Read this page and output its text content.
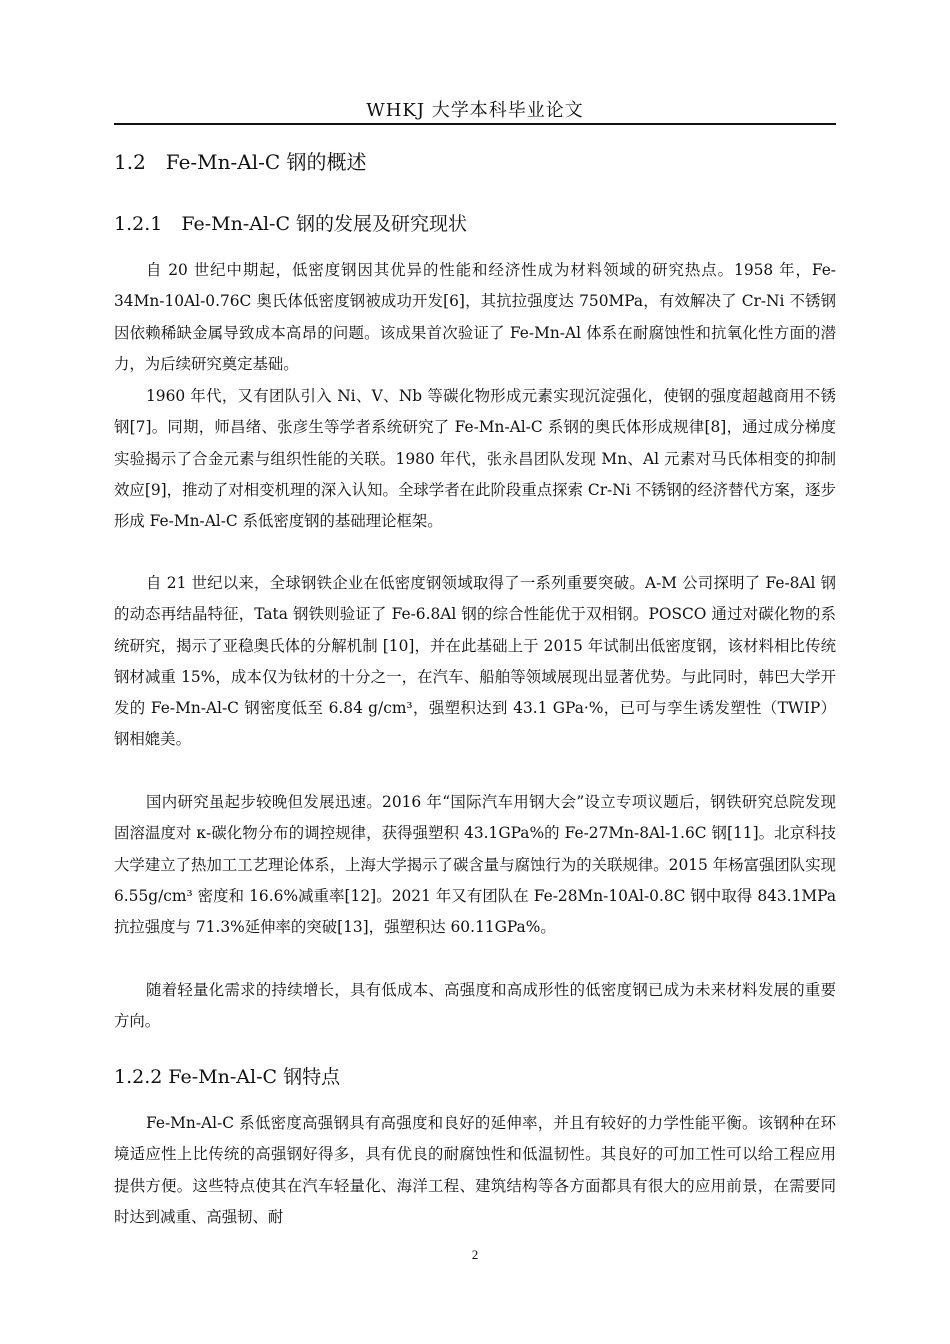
WHKJ 大学本科毕业论文
1.2　Fe-Mn-Al-C 钢的概述
1.2.1　Fe-Mn-Al-C 钢的发展及研究现状

自 20 世纪中期起，低密度钢因其优异的性能和经济性成为材料领域的研究热点。1958 年，Fe-34Mn-10Al-0.76C 奥氏体低密度钢被成功开发[6]，其抗拉强度达 750MPa，有效解决了 Cr-Ni 不锈钢因依赖稀缺金属导致成本高昂的问题。该成果首次验证了 Fe-Mn-Al 体系在耐腐蚀性和抗氧化性方面的潜力，为后续研究奠定基础。

1960 年代，又有团队引入 Ni、V、Nb 等碳化物形成元素实现沉淀强化，使钢的强度超越商用不锈钢[7]。同期，师昌绪、张彦生等学者系统研究了 Fe-Mn-Al-C 系钢的奥氏体形成规律[8]，通过成分梯度实验揭示了合金元素与组织性能的关联。1980 年代，张永昌团队发现 Mn、Al 元素对马氏体相变的抑制效应[9]，推动了对相变机理的深入认知。全球学者在此阶段重点探索 Cr-Ni 不锈钢的经济替代方案，逐步形成 Fe-Mn-Al-C 系低密度钢的基础理论框架。

自 21 世纪以来，全球钢铁企业在低密度钢领域取得了一系列重要突破。A-M 公司探明了 Fe-8Al 钢的动态再结晶特征，Tata 钢铁则验证了 Fe-6.8Al 钢的综合性能优于双相钢。POSCO 通过对碳化物的系统研究，揭示了亚稳奥氏体的分解机制 [10]，并在此基础上于 2015 年试制出低密度钢，该材料相比传统钢材减重 15%，成本仅为钛材的十分之一，在汽车、船舶等领域展现出显著优势。与此同时，韩巴大学开发的 Fe-Mn-Al-C 钢密度低至 6.84 g/cm³，强塑积达到 43.1 GPa·%，已可与孪生诱发塑性（TWIP）钢相媲美。

国内研究虽起步较晚但发展迅速。2016 年“国际汽车用钢大会”设立专项议题后，钢铁研究总院发现固溶温度对 κ-碳化物分布的调控规律，获得强塑积 43.1GPa%的 Fe-27Mn-8Al-1.6C 钢[11]。北京科技大学建立了热加工工艺理论体系，上海大学揭示了碳含量与腐蚀行为的关联规律。2015 年杨富强团队实现 6.55g/cm³ 密度和 16.6%减重率[12]。2021 年又有团队在 Fe-28Mn-10Al-0.8C 钢中取得 843.1MPa 抗拉强度与 71.3%延伸率的突破[13]，强塑积达 60.11GPa%。

随着轻量化需求的持续增长，具有低成本、高强度和高成形性的低密度钢已成为未来材料发展的重要方向。

1.2.2 Fe-Mn-Al-C 钢特点

Fe-Mn-Al-C 系低密度高强钢具有高强度和良好的延伸率，并且有较好的力学性能平衡。该钢种在环境适应性上比传统的高强钢好得多，具有优良的耐腐蚀性和低温韧性。其良好的可加工性可以给工程应用提供方便。这些特点使其在汽车轻量化、海洋工程、建筑结构等各方面都具有很大的应用前景，在需要同时达到减重、高强韧、耐

2
